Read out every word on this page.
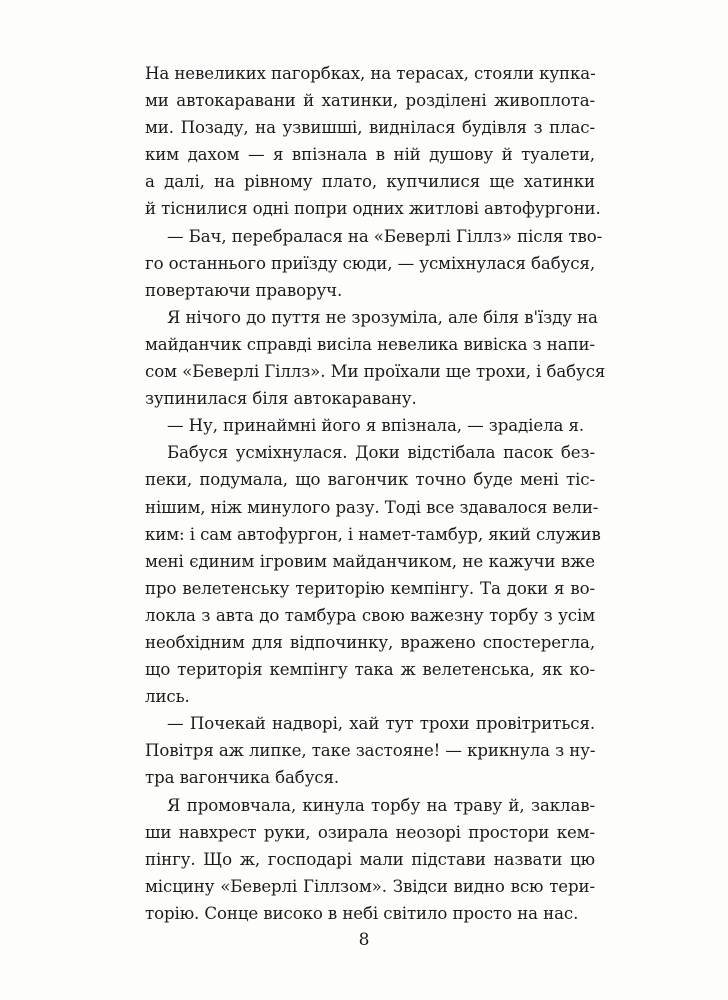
На невеликих пагорбках, на терасах, стояли купка-
ми автокаравани й хатинки, розділені живоплота-
ми. Позаду, на узвишші, виднілася будівля з плас-
ким дахом — я впізнала в ній душову й туалети,
а далі, на рівному плато, купчилися ще хатинки
й тіснилися одні попри одних житлові автофургони.
— Бач, перебралася на «Беверлі Гіллз» після тво-
го останнього приїзду сюди, — усміхнулася бабуся,
повертаючи праворуч.
Я нічого до пуття не зрозуміла, але біля в'їзду на
майданчик справді висіла невелика вивіска з напи-
сом «Беверлі Гіллз». Ми проїхали ще трохи, і бабуся
зупинилася біля автокаравану.
— Ну, принаймні його я впізнала, — зрадіела я.
Бабуся усміхнулася. Доки відстібала пасок без-
пеки, подумала, що вагончик точно буде мені тіс-
нішим, ніж минулого разу. Тоді все здавалося вели-
ким: і сам автофургон, і намет-тамбур, який служив
мені єдиним ігровим майданчиком, не кажучи вже
про велетенську територію кемпінгу. Та доки я во-
локла з авта до тамбура свою важезну торбу з усім
необхідним для відпочинку, вражено спостерегла,
що територія кемпінгу така ж велетенська, як ко-
лись.
— Почекай надворі, хай тут трохи провітриться.
Повітря аж липке, таке застояне! — крикнула з ну-
тра вагончика бабуся.
Я промовчала, кинула торбу на траву й, заклав-
ши навхрест руки, озирала неозорі простори кем-
пінгу. Що ж, господарі мали підстави назвати цю
місцину «Беверлі Гіллзом». Звідси видно всю тери-
торію. Сонце високо в небі світило просто на нас.
8
